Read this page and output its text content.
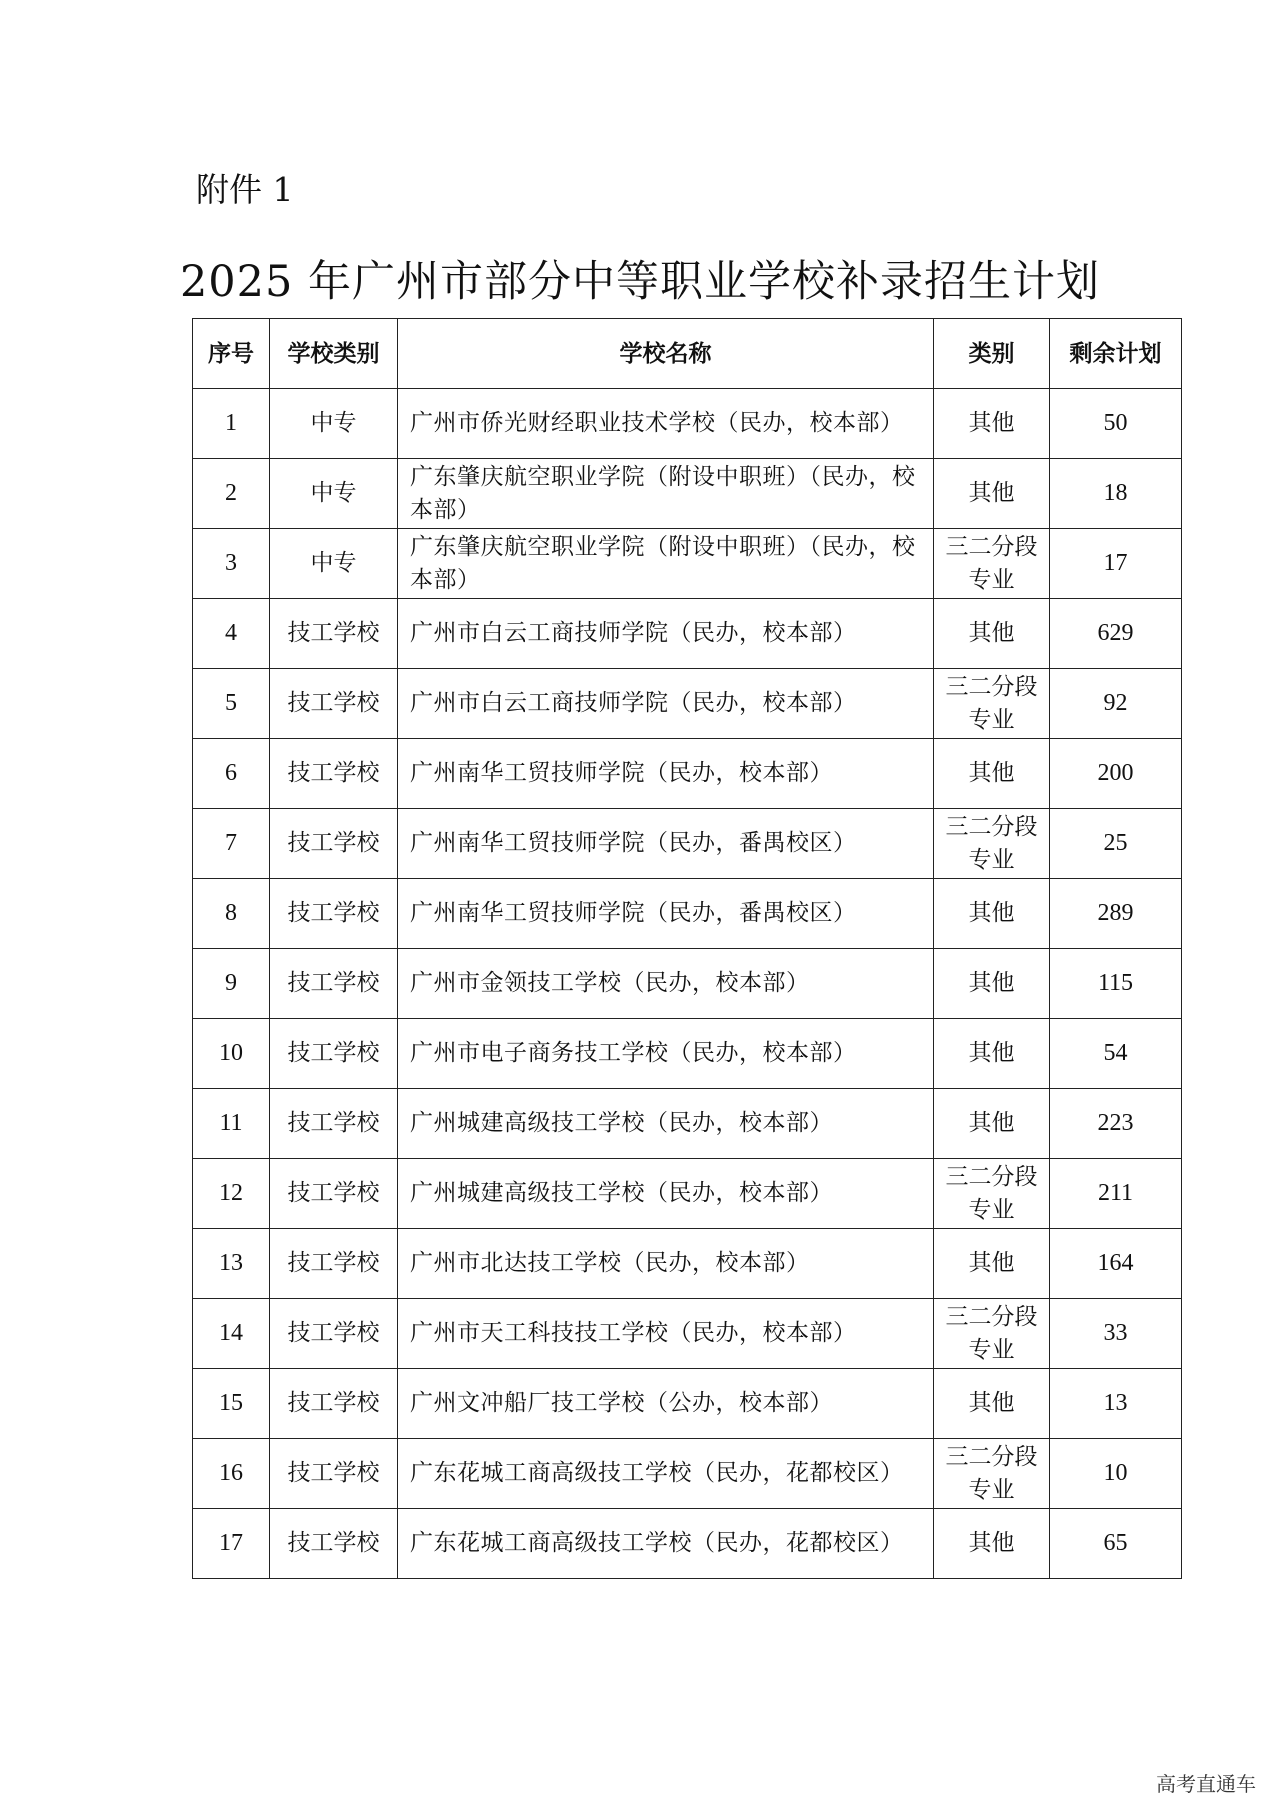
附件 1
2025 年广州市部分中等职业学校补录招生计划
序号	学校类别	学校名称	类别	剩余计划
1	中专	广州市侨光财经职业技术学校（民办，校本部）	其他	50
2	中专	广东肇庆航空职业学院（附设中职班）（民办，校本部）	其他	18
3	中专	广东肇庆航空职业学院（附设中职班）（民办，校本部）	三二分段专业	17
4	技工学校	广州市白云工商技师学院（民办，校本部）	其他	629
5	技工学校	广州市白云工商技师学院（民办，校本部）	三二分段专业	92
6	技工学校	广州南华工贸技师学院（民办，校本部）	其他	200
7	技工学校	广州南华工贸技师学院（民办，番禺校区）	三二分段专业	25
8	技工学校	广州南华工贸技师学院（民办，番禺校区）	其他	289
9	技工学校	广州市金领技工学校（民办，校本部）	其他	115
10	技工学校	广州市电子商务技工学校（民办，校本部）	其他	54
11	技工学校	广州城建高级技工学校（民办，校本部）	其他	223
12	技工学校	广州城建高级技工学校（民办，校本部）	三二分段专业	211
13	技工学校	广州市北达技工学校（民办，校本部）	其他	164
14	技工学校	广州市天工科技技工学校（民办，校本部）	三二分段专业	33
15	技工学校	广州文冲船厂技工学校（公办，校本部）	其他	13
16	技工学校	广东花城工商高级技工学校（民办，花都校区）	三二分段专业	10
17	技工学校	广东花城工商高级技工学校（民办，花都校区）	其他	65
高考直通车
